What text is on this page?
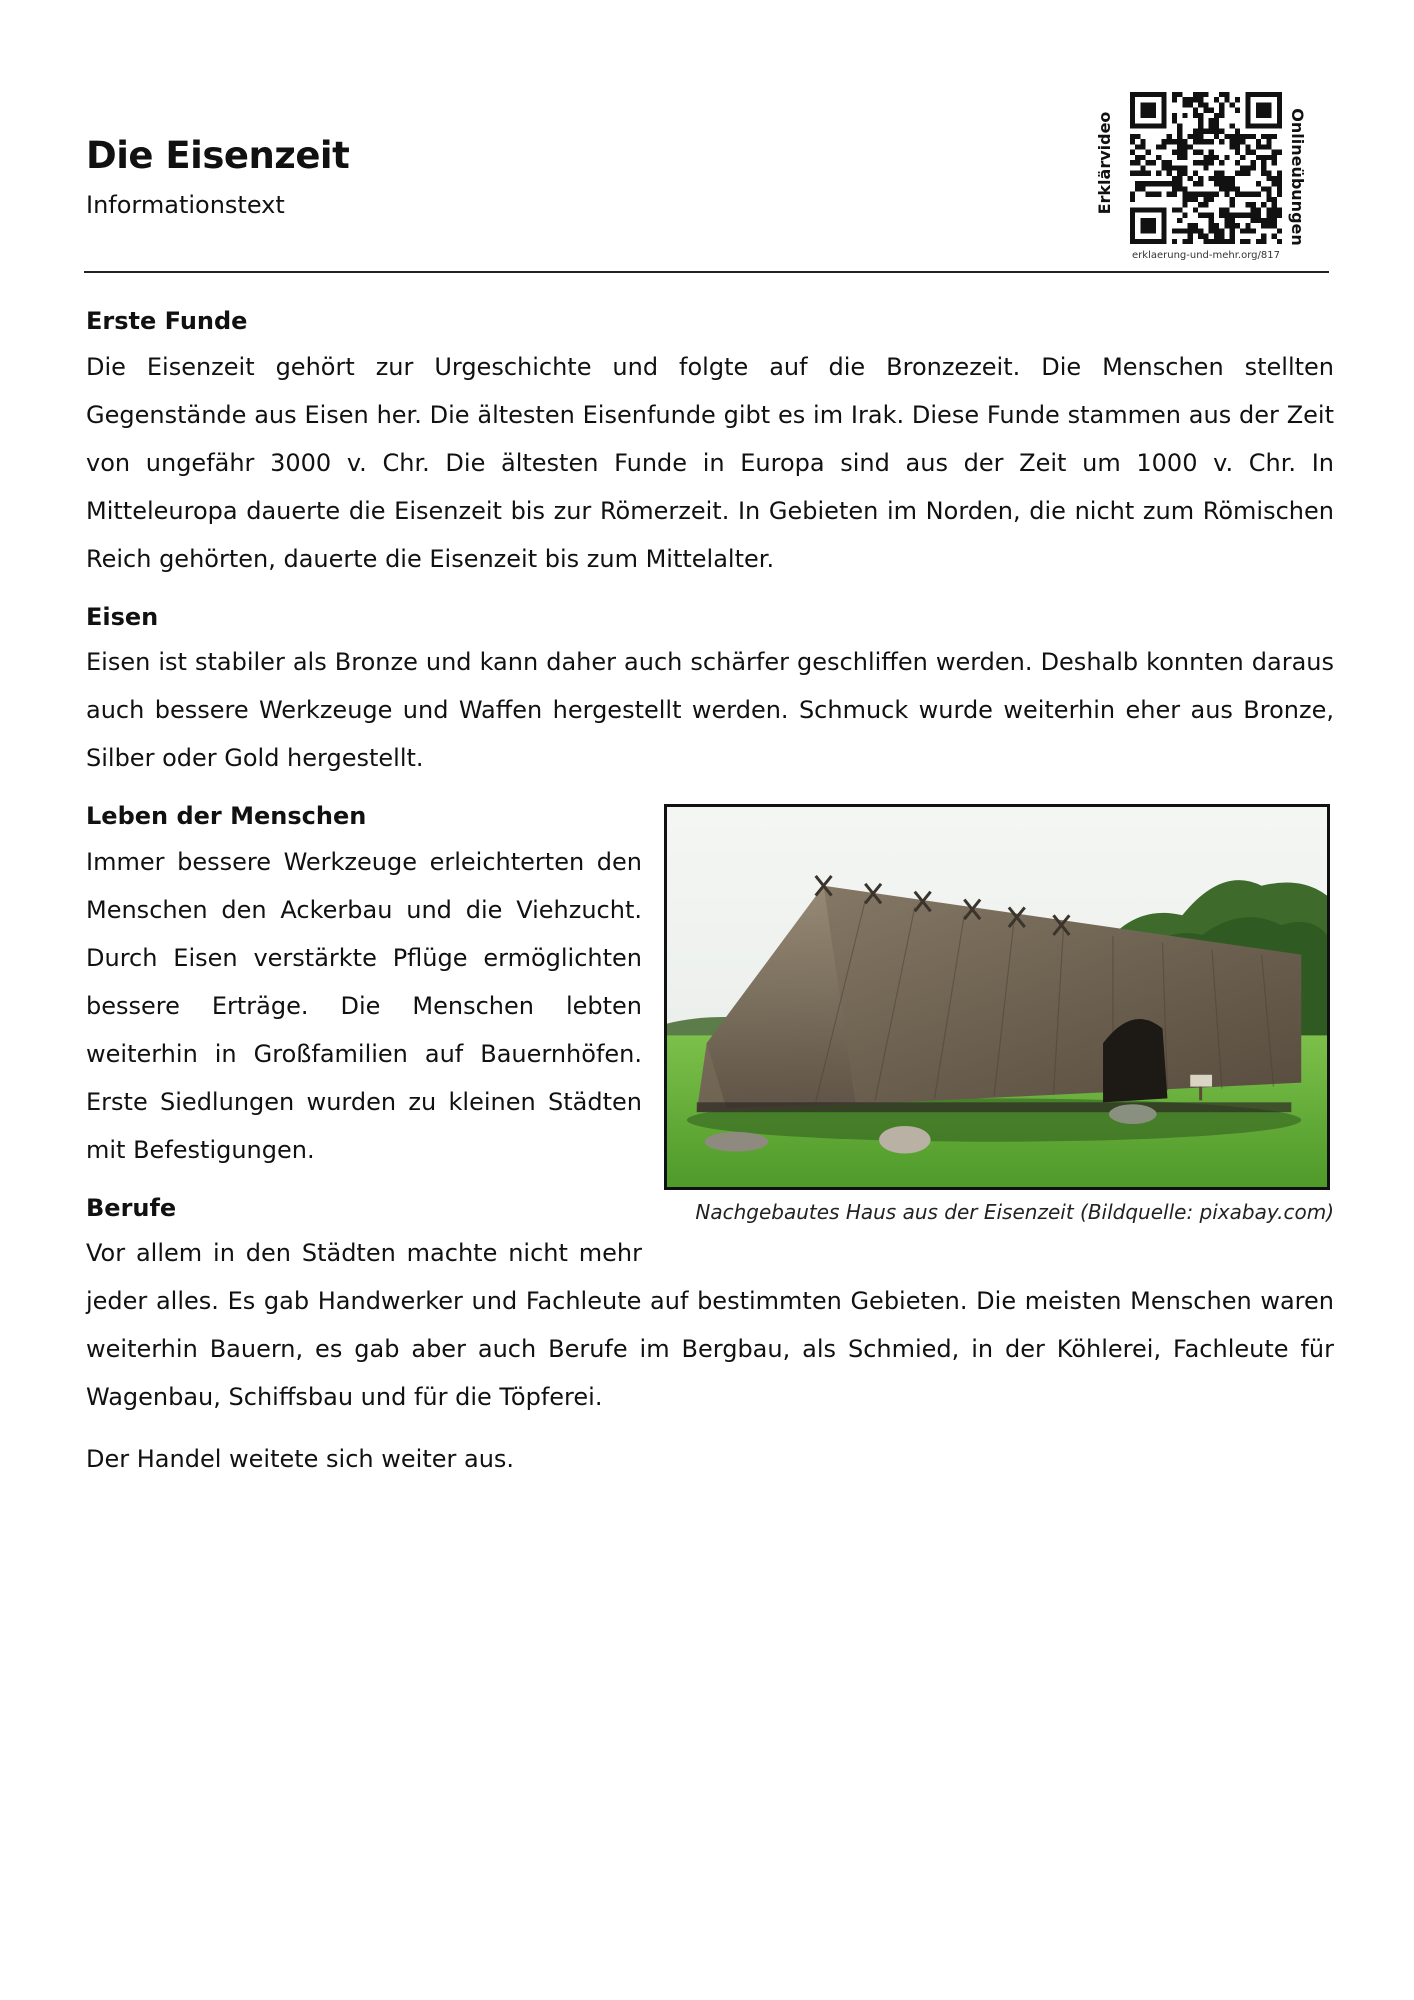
Die Eisenzeit
Informationstext	Erklärvideo	Onlineübungen
erklaerung-und-mehr.org/817
Erste Funde

Die Eisenzeit gehört zur Urgeschichte und folgte auf die Bronzezeit. Die Menschen stellten Gegenstände aus Eisen her. Die ältesten Eisenfunde gibt es im Irak. Diese Funde stammen aus der Zeit von ungefähr 3000 v. Chr. Die ältesten Funde in Europa sind aus der Zeit um 1000 v. Chr. In Mitteleuropa dauerte die Eisenzeit bis zur Römerzeit. In Gebieten im Norden, die nicht zum Römischen Reich gehörten, dauerte die Eisenzeit bis zum Mittelalter.

Eisen

Eisen ist stabiler als Bronze und kann daher auch schärfer geschliffen werden. Deshalb konnten daraus auch bessere Werkzeuge und Waffen hergestellt werden. Schmuck wurde weiterhin eher aus Bronze, Silber oder Gold hergestellt.

Nachgebautes Haus aus der Eisenzeit (Bildquelle: pixabay.com)
Leben der Menschen

Immer bessere Werkzeuge erleichterten den Menschen den Ackerbau und die Viehzucht. Durch Eisen verstärkte Pflüge ermöglichten bessere Erträge. Die Menschen lebten weiterhin in Großfamilien auf Bauernhöfen. Erste Siedlungen wurden zu kleinen Städten mit Befestigungen.

Berufe

Vor allem in den Städten machte nicht mehr jeder alles. Es gab Handwerker und Fachleute auf bestimmten Gebieten. Die meisten Menschen waren weiterhin Bauern, es gab aber auch Berufe im Bergbau, als Schmied, in der Köhlerei, Fachleute für Wagenbau, Schiffsbau und für die Töpferei.

Der Handel weitete sich weiter aus.
